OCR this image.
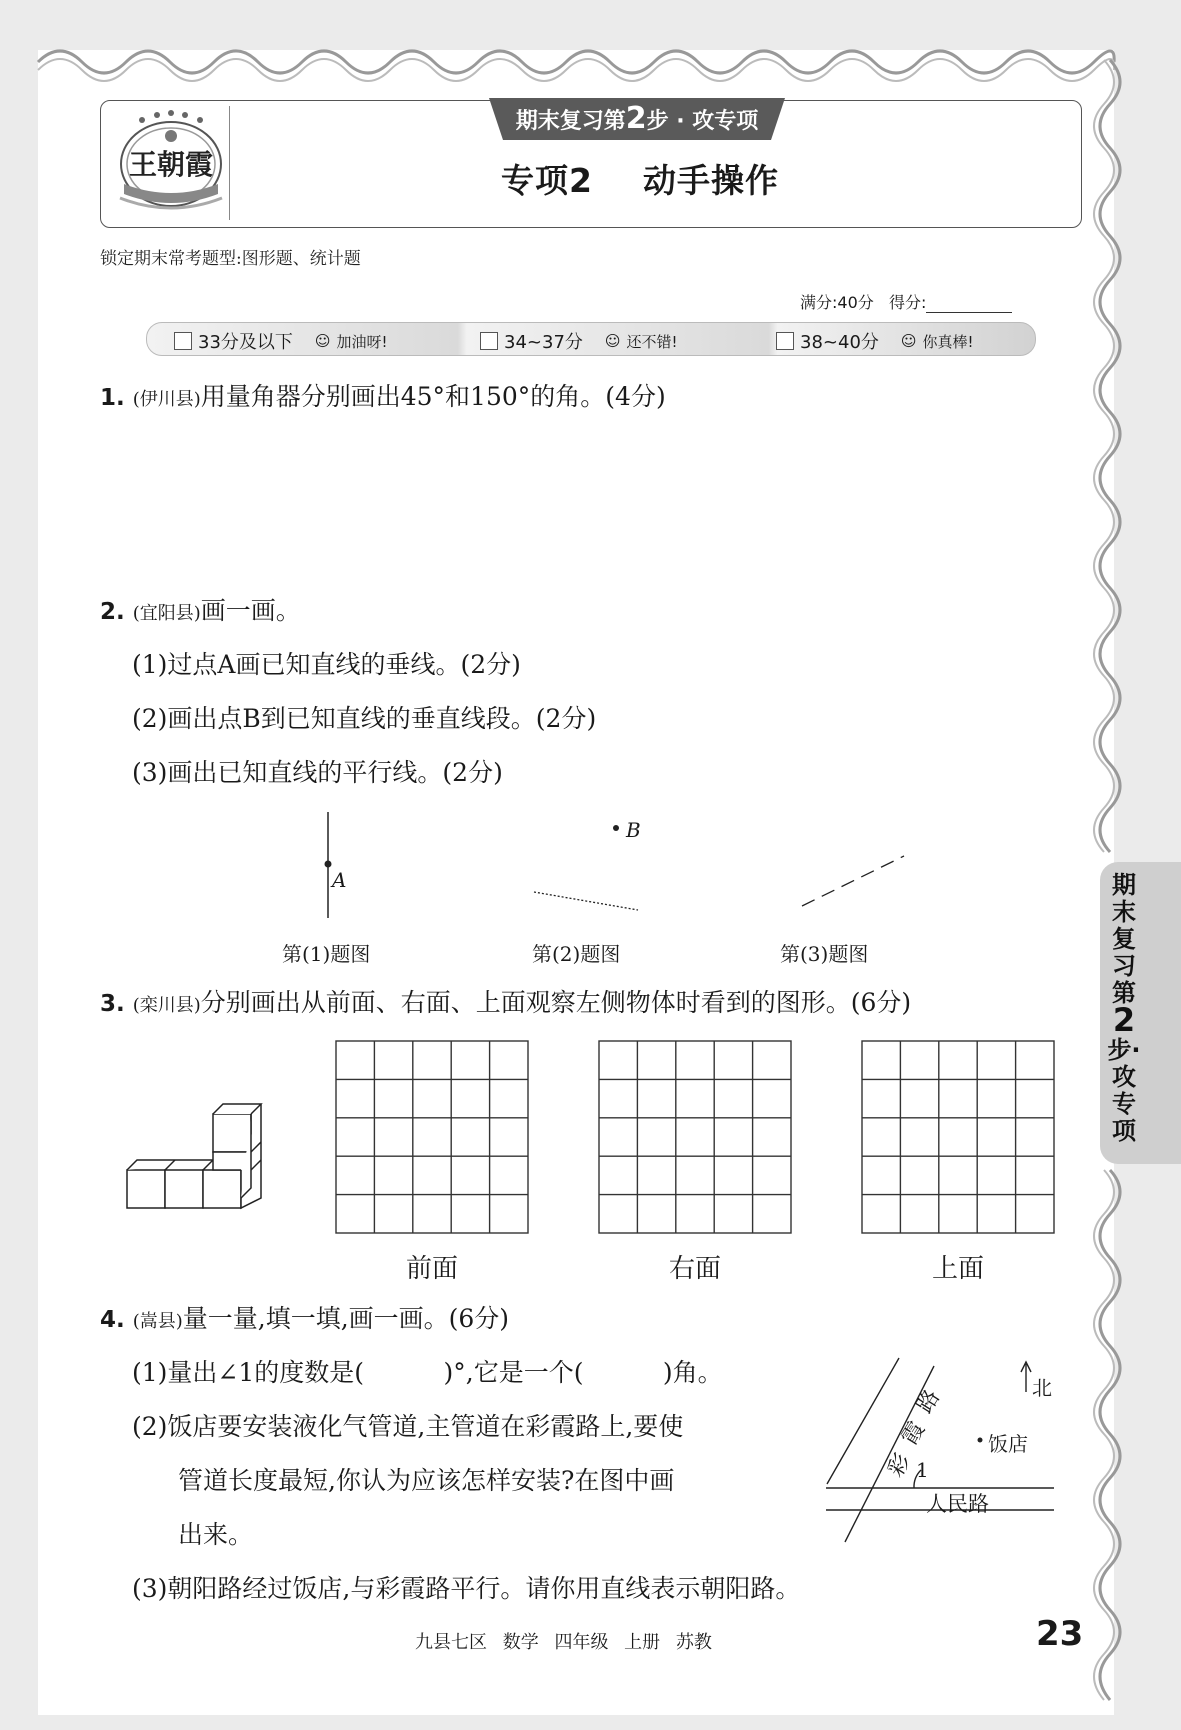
王朝霞
期末复习第2步 · 攻专项
专项2    动手操作
锁定期末常考题型:图形题、统计题
满分:40分 得分:
33分及以下 ☺ 加油呀!	34~37分 ☺ 还不错!	38~40分 ☺ 你真棒!
1. (伊川县)用量角器分别画出45°和150°的角。(4分)
2. (宜阳县)画一画。
(1)过点A画已知直线的垂线。(2分)
(2)画出点B到已知直线的垂直线段。(2分)
(3)画出已知直线的平行线。(2分)
A
B
第(1)题图	第(2)题图	第(3)题图
3. (栾川县)分别画出从前面、右面、上面观察左侧物体时看到的图形。(6分)
前面	右面	上面
4. (嵩县)量一量,填一填,画一画。(6分)
(1)量出∠1的度数是(          )°,它是一个(          )角。
(2)饭店要安装液化气管道,主管道在彩霞路上,要使
管道长度最短,你认为应该怎样安装?在图中画
出来。
(3)朝阳路经过饭店,与彩霞路平行。请你用直线表示朝阳路。
北
饭店
人民路
1
彩
霞
路
期末复习第2步·攻专项
九县七区 数学 四年级 上册 苏教	23
